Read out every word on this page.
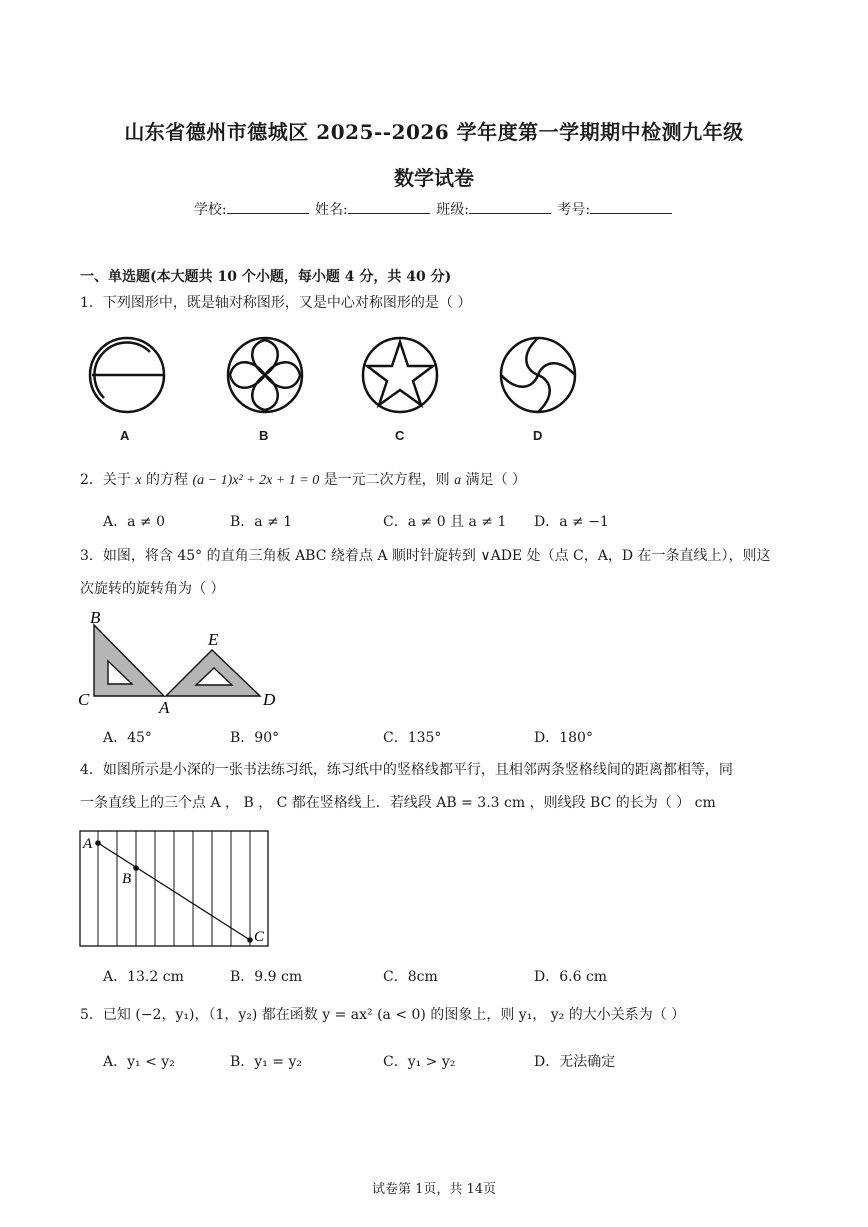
山东省德州市德城区 2025--2026 学年度第一学期期中检测九年级
数学试卷
学校:	姓名:	班级:	考号:
一、单选题(本大题共 10 个小题，每小题 4 分，共 40 分)
1．下列图形中，既是轴对称图形，又是中心对称图形的是（ ）
A	B	C	D
2．关于 x 的方程 (a − 1)x² + 2x + 1 = 0 是一元二次方程，则 a 满足（ ）
A．a ≠ 0	B．a ≠ 1	C．a ≠ 0 且 a ≠ 1 D．a ≠ −1
3．如图，将含 45° 的直角三角板 ABC 绕着点 A 顺时针旋转到 ∨ADE 处（点 C，A，D 在一条直线上），则这
次旋转的旋转角为（ ）
B
E
C	A	D
A．45°	B．90°	C．135°	D．180°
4．如图所示是小深的一张书法练习纸，练习纸中的竖格线都平行，且相邻两条竖格线间的距离都相等，同
一条直线上的三个点 A ， B ， C 都在竖格线上．若线段 AB = 3.3 cm ，则线段 BC 的长为（ ） cm
A
B
C
A．13.2 cm	B．9.9 cm	C．8cm	D．6.6 cm
5．已知 (−2，y₁)，（1，y₂) 都在函数 y = ax² (a < 0) 的图象上，则 y₁， y₂ 的大小关系为（ ）
A．y₁ < y₂	B．y₁ = y₂	C．y₁ > y₂	D．无法确定
试卷第 1页，共 14页
